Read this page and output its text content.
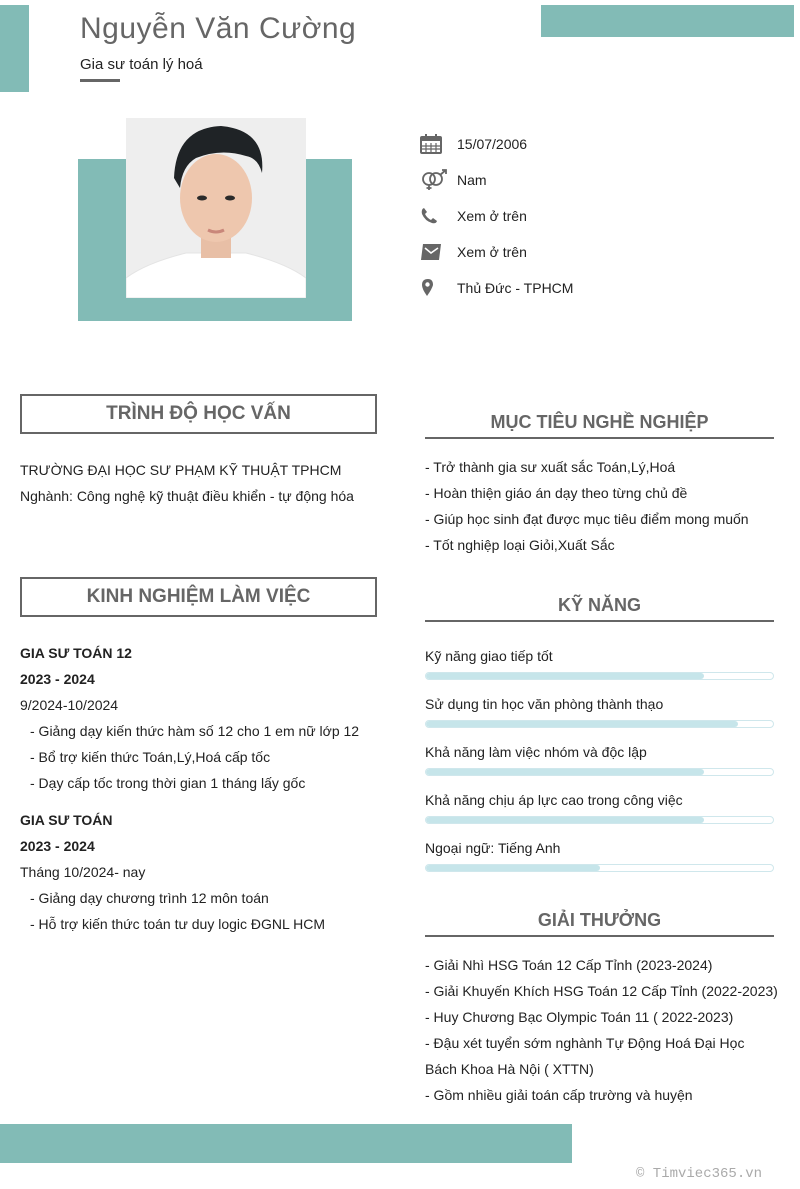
Nguyễn Văn Cường
Gia sư toán lý hoá
15/07/2006
Nam
Xem ở trên
Xem ở trên
Thủ Đức - TPHCM
TRÌNH ĐỘ HỌC VẤN
TRƯỜNG ĐẠI HỌC SƯ PHẠM KỸ THUẬT TPHCM
Nghành: Công nghệ kỹ thuật điều khiển - tự động hóa
KINH NGHIỆM LÀM VIỆC
GIA SƯ TOÁN 12
2023 - 2024
9/2024-10/2024
- Giảng dạy kiến thức hàm số 12 cho 1 em nữ lớp 12
- Bổ trợ kiến thức Toán,Lý,Hoá cấp tốc
- Dạy cấp tốc trong thời gian 1 tháng lấy gốc
GIA SƯ TOÁN
2023 - 2024
Tháng 10/2024- nay
- Giảng dạy chương trình 12 môn toán
- Hỗ trợ kiến thức toán tư duy logic ĐGNL HCM
MỤC TIÊU NGHỀ NGHIỆP
- Trở thành gia sư xuất sắc Toán,Lý,Hoá
- Hoàn thiện giáo án dạy theo từng chủ đề
- Giúp học sinh đạt được mục tiêu điểm mong muốn
- Tốt nghiệp loại Giỏi,Xuất Sắc
KỸ NĂNG
Kỹ năng giao tiếp tốt
Sử dụng tin học văn phòng thành thạo
Khả năng làm việc nhóm và độc lập
Khả năng chịu áp lực cao trong công việc
Ngoại ngữ: Tiếng Anh
GIẢI THƯỞNG
- Giải Nhì HSG Toán 12 Cấp Tỉnh (2023-2024)
- Giải Khuyến Khích HSG Toán 12 Cấp Tỉnh (2022-2023)
- Huy Chương Bạc Olympic Toán 11 ( 2022-2023)
- Đậu xét tuyển sớm nghành Tự Động Hoá Đại Học Bách Khoa Hà Nội ( XTTN)
- Gồm nhiều giải toán cấp trường và huyện
© Timviec365.vn
